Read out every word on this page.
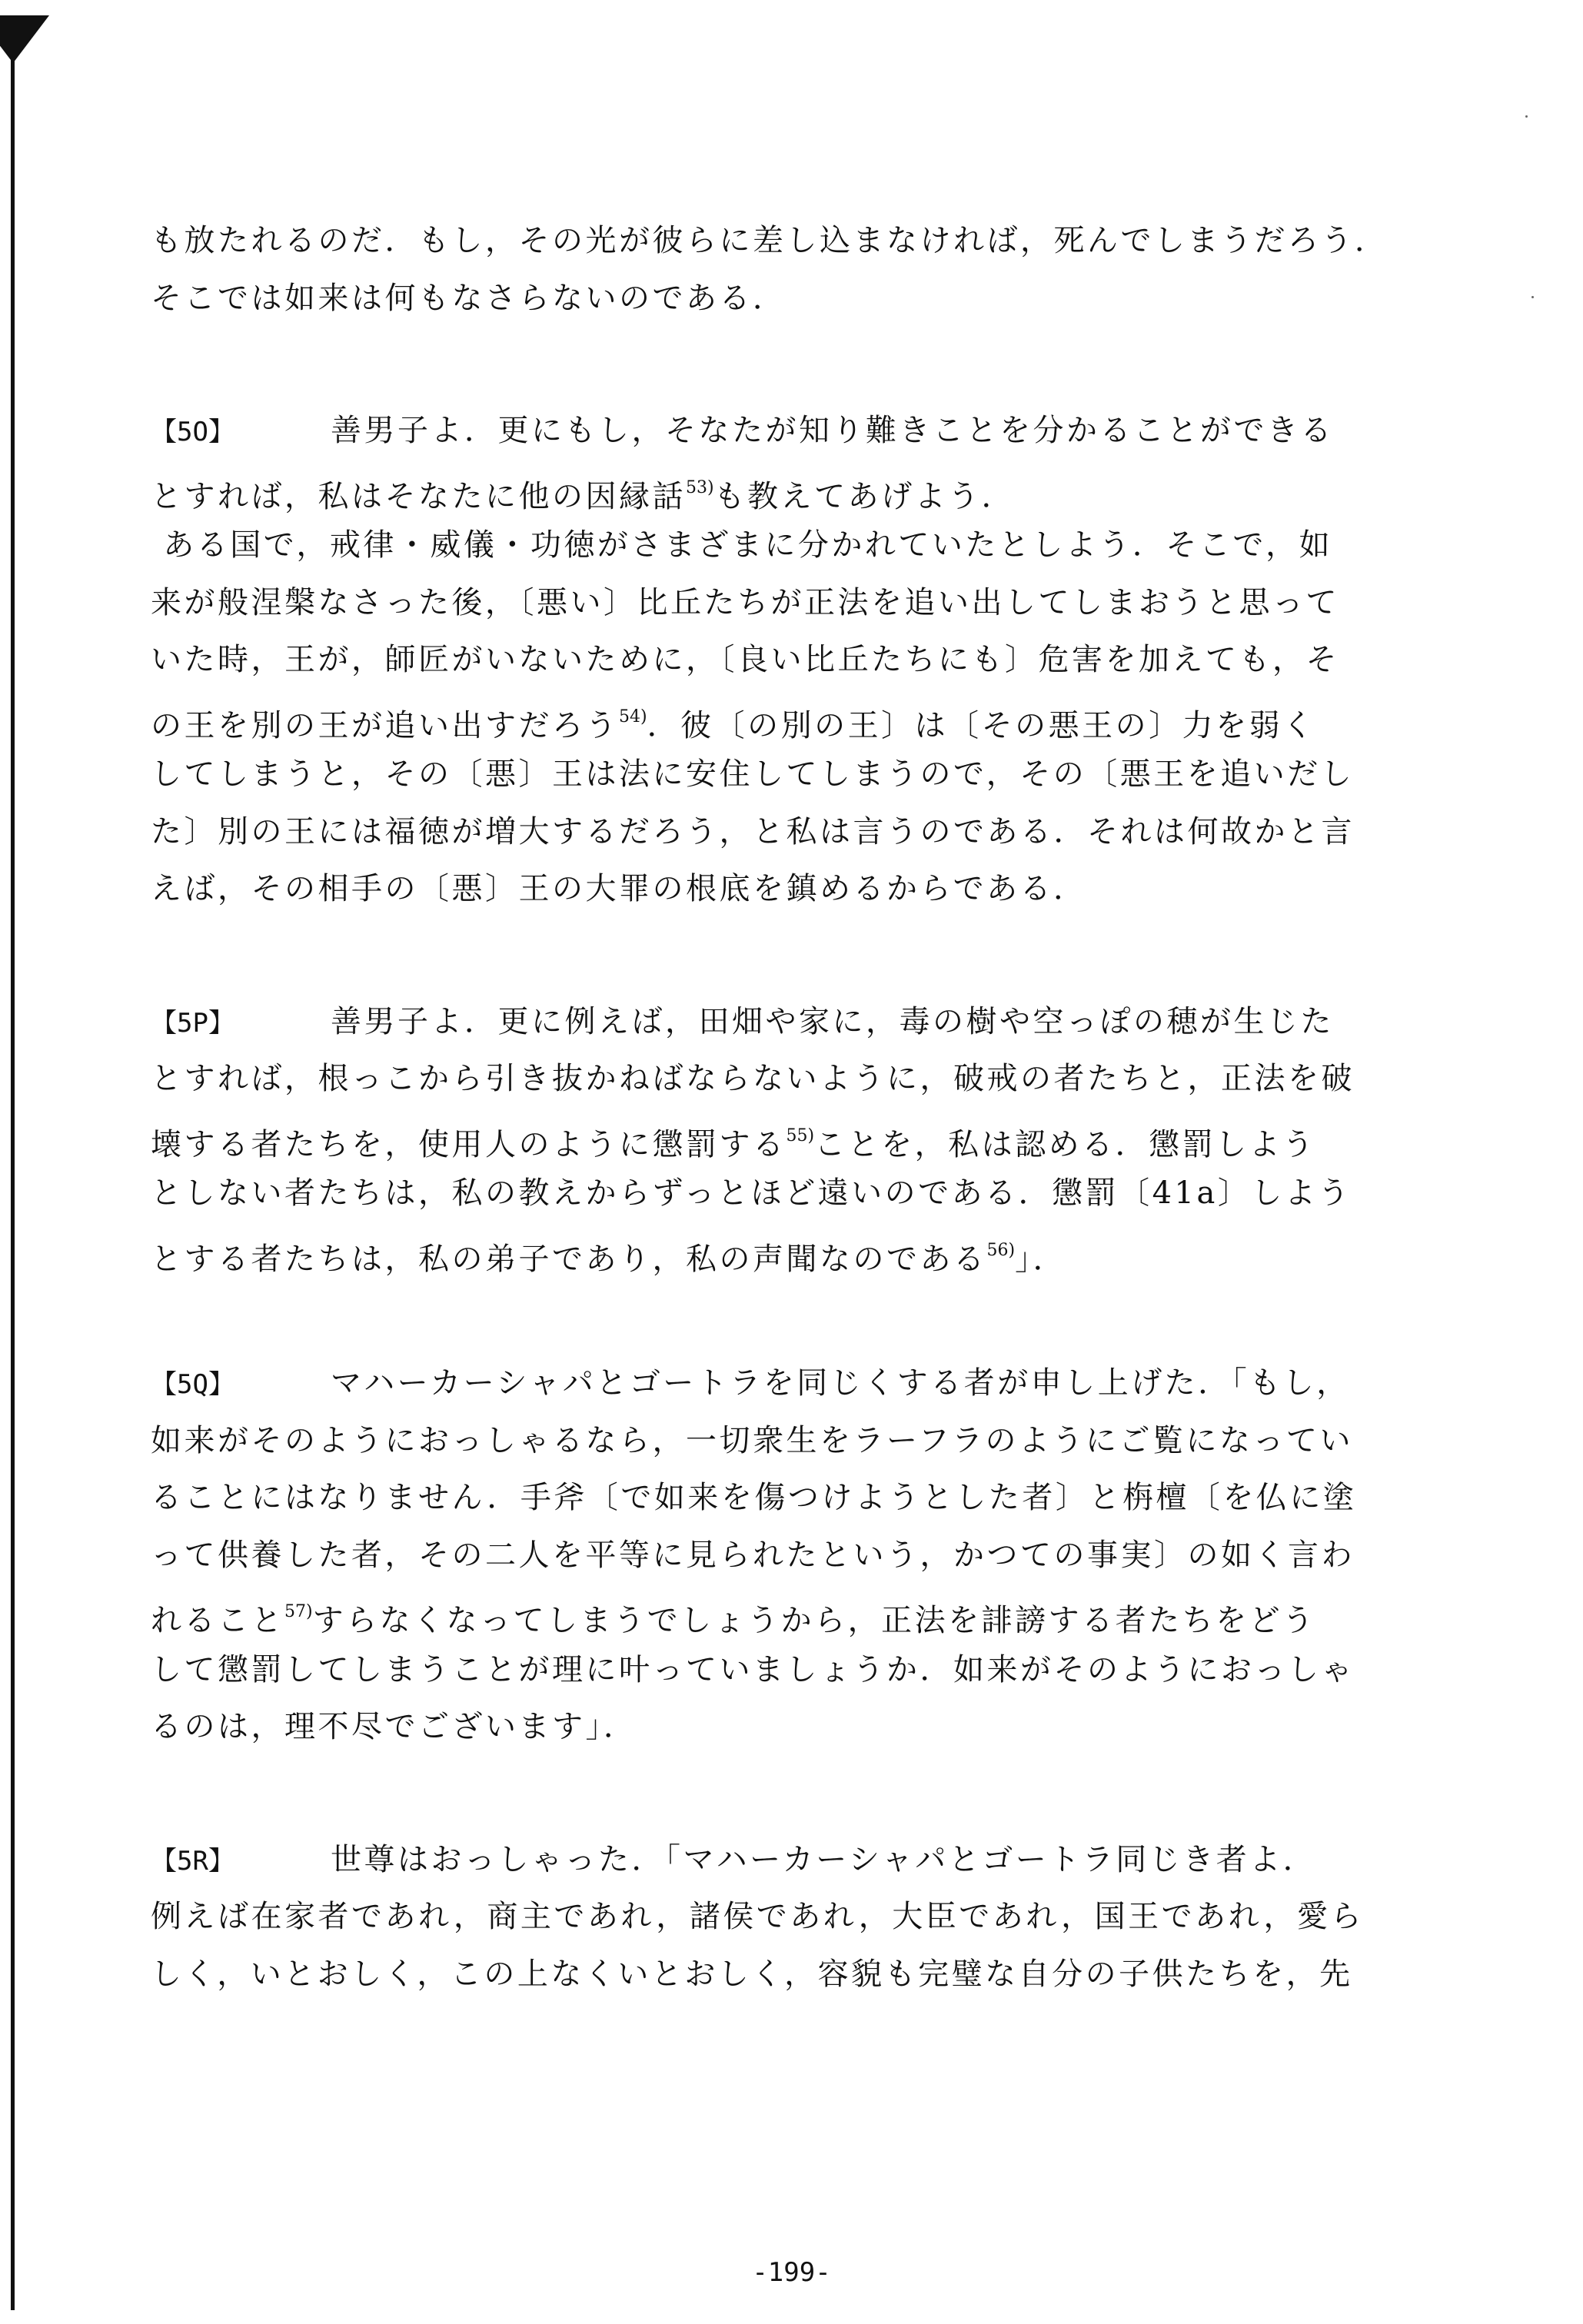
も放たれるのだ．もし，その光が彼らに差し込まなければ，死んでしまうだろう．
そこでは如来は何もなさらないのである．
【5O】	善男子よ．更にもし，そなたが知り難きことを分かることができる
とすれば，私はそなたに他の因縁話$^{53)}$も教えてあげよう．
ある国で，戒律・威儀・功徳がさまざまに分かれていたとしよう．そこで，如
来が般涅槃なさった後，〔悪い〕比丘たちが正法を追い出してしまおうと思って
いた時，王が，師匠がいないために，〔良い比丘たちにも〕危害を加えても，そ
の王を別の王が追い出すだろう$^{54)}$．彼〔の別の王〕は〔その悪王の〕力を弱く
してしまうと，その〔悪〕王は法に安住してしまうので，その〔悪王を追いだし
た〕別の王には福徳が増大するだろう，と私は言うのである．それは何故かと言
えば，その相手の〔悪〕王の大罪の根底を鎮めるからである．
【5P】	善男子よ．更に例えば，田畑や家に，毒の樹や空っぽの穂が生じた
とすれば，根っこから引き抜かねばならないように，破戒の者たちと，正法を破
壊する者たちを，使用人のように懲罰する$^{55)}$ことを，私は認める．懲罰しよう
としない者たちは，私の教えからずっとほど遠いのである．懲罰〔41a〕しよう
とする者たちは，私の弟子であり，私の声聞なのである$^{56)}$」．
【5Q】	マハーカーシャパとゴートラを同じくする者が申し上げた．「もし，
如来がそのようにおっしゃるなら，一切衆生をラーフラのようにご覧になってい
ることにはなりません．手斧〔で如来を傷つけようとした者〕と栴檀〔を仏に塗
って供養した者，その二人を平等に見られたという，かつての事実〕の如く言わ
れること$^{57)}$すらなくなってしまうでしょうから，正法を誹謗する者たちをどう
して懲罰してしまうことが理に叶っていましょうか．如来がそのようにおっしゃ
るのは，理不尽でございます」．
【5R】	世尊はおっしゃった．「マハーカーシャパとゴートラ同じき者よ．
例えば在家者であれ，商主であれ，諸侯であれ，大臣であれ，国王であれ，愛ら
しく，いとおしく，この上なくいとおしく，容貌も完璧な自分の子供たちを，先
-199-
